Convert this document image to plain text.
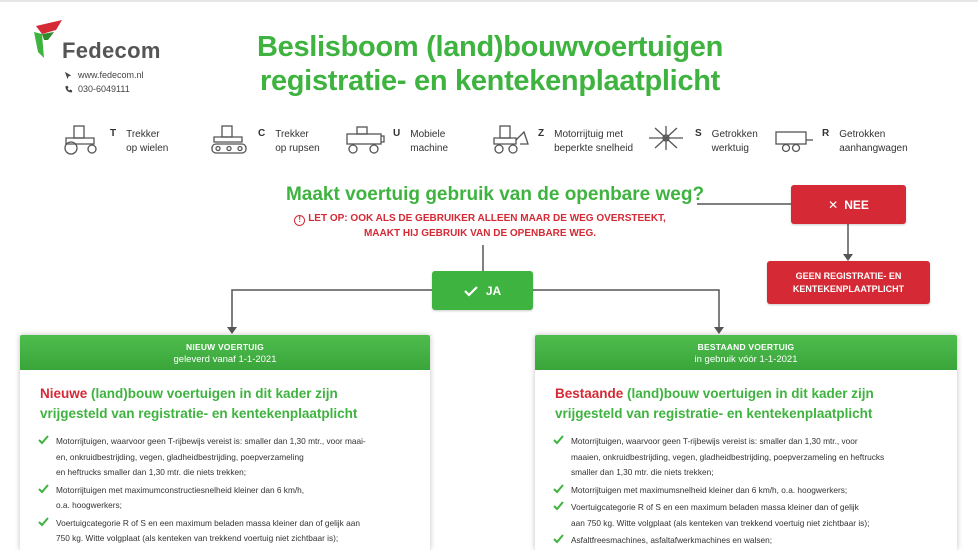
Fedecom
www.fedecom.nl
030-6049111
Beslisboom (land)bouwvoertuigen
registratie- en kentekenplaatplicht
T Trekker
op wielen
C Trekker
op rupsen
U Mobiele
machine
Z Motorrijtuig met
beperkte snelheid
S Getrokken
werktuig
R Getrokken
aanhangwagen
Maakt voertuig gebruik van de openbare weg?
! LET OP: OOK ALS DE GEBRUIKER ALLEEN MAAR DE WEG OVERSTEEKT,
MAAKT HIJ GEBRUIK VAN DE OPENBARE WEG.
✕ NEE
GEEN REGISTRATIE- EN
KENTEKENPLAATPLICHT
JA
NIEUW VOERTUIG
geleverd vanaf 1-1-2021
Nieuwe (land)bouw voertuigen in dit kader zijn
vrijgesteld van registratie- en kentekenplaatplicht
Motorrijtuigen, waarvoor geen T-rijbewijs vereist is: smaller dan 1,30 mtr., voor maai-
en, onkruidbestrijding, vegen, gladheidbestrijding, poepverzameling
en heftrucks smaller dan 1,30 mtr. die niets trekken;
Motorrijtuigen met maximumconstructiesnelheid kleiner dan 6 km/h,
o.a. hoogwerkers;
Voertuigcategorie R of S en een maximum beladen massa kleiner dan of gelijk aan
750 kg. Witte volgplaat (als kenteken van trekkend voertuig niet zichtbaar is);
BESTAAND VOERTUIG
in gebruik vóór 1-1-2021
Bestaande (land)bouw voertuigen in dit kader zijn
vrijgesteld van registratie- en kentekenplaatplicht
Motorrijtuigen, waarvoor geen T-rijbewijs vereist is: smaller dan 1,30 mtr., voor
maaien, onkruidbestrijding, vegen, gladheidbestrijding, poepverzameling en heftrucks
smaller dan 1,30 mtr. die niets trekken;
Motorrijtuigen met maximumsnelheid kleiner dan 6 km/h, o.a. hoogwerkers;
Voertuigcategorie R of S en een maximum beladen massa kleiner dan of gelijk
aan 750 kg. Witte volgplaat (als kenteken van trekkend voertuig niet zichtbaar is);
Asfaltfreesmachines, asfaltafwerkmachines en walsen;
